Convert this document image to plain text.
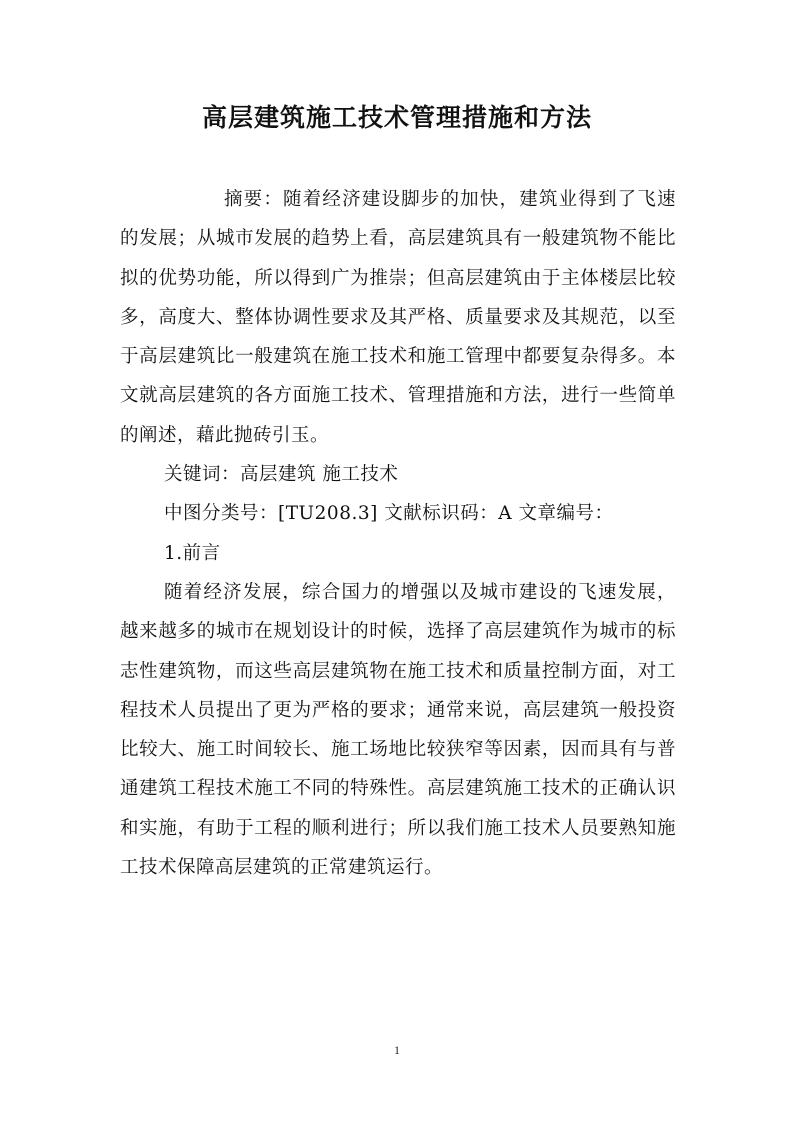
高层建筑施工技术管理措施和方法

摘要：随着经济建设脚步的加快，建筑业得到了飞速的发展；从城市发展的趋势上看，高层建筑具有一般建筑物不能比拟的优势功能，所以得到广为推崇；但高层建筑由于主体楼层比较多，高度大、整体协调性要求及其严格、质量要求及其规范，以至于高层建筑比一般建筑在施工技术和施工管理中都要复杂得多。本文就高层建筑的各方面施工技术、管理措施和方法，进行一些简单的阐述，藉此抛砖引玉。

关键词：高层建筑 施工技术

中图分类号：[TU208.3] 文献标识码：A 文章编号：

1.前言

随着经济发展，综合国力的增强以及城市建设的飞速发展，越来越多的城市在规划设计的时候，选择了高层建筑作为城市的标志性建筑物，而这些高层建筑物在施工技术和质量控制方面，对工程技术人员提出了更为严格的要求；通常来说，高层建筑一般投资比较大、施工时间较长、施工场地比较狭窄等因素，因而具有与普通建筑工程技术施工不同的特殊性。高层建筑施工技术的正确认识和实施，有助于工程的顺利进行；所以我们施工技术人员要熟知施工技术保障高层建筑的正常建筑运行。

1
